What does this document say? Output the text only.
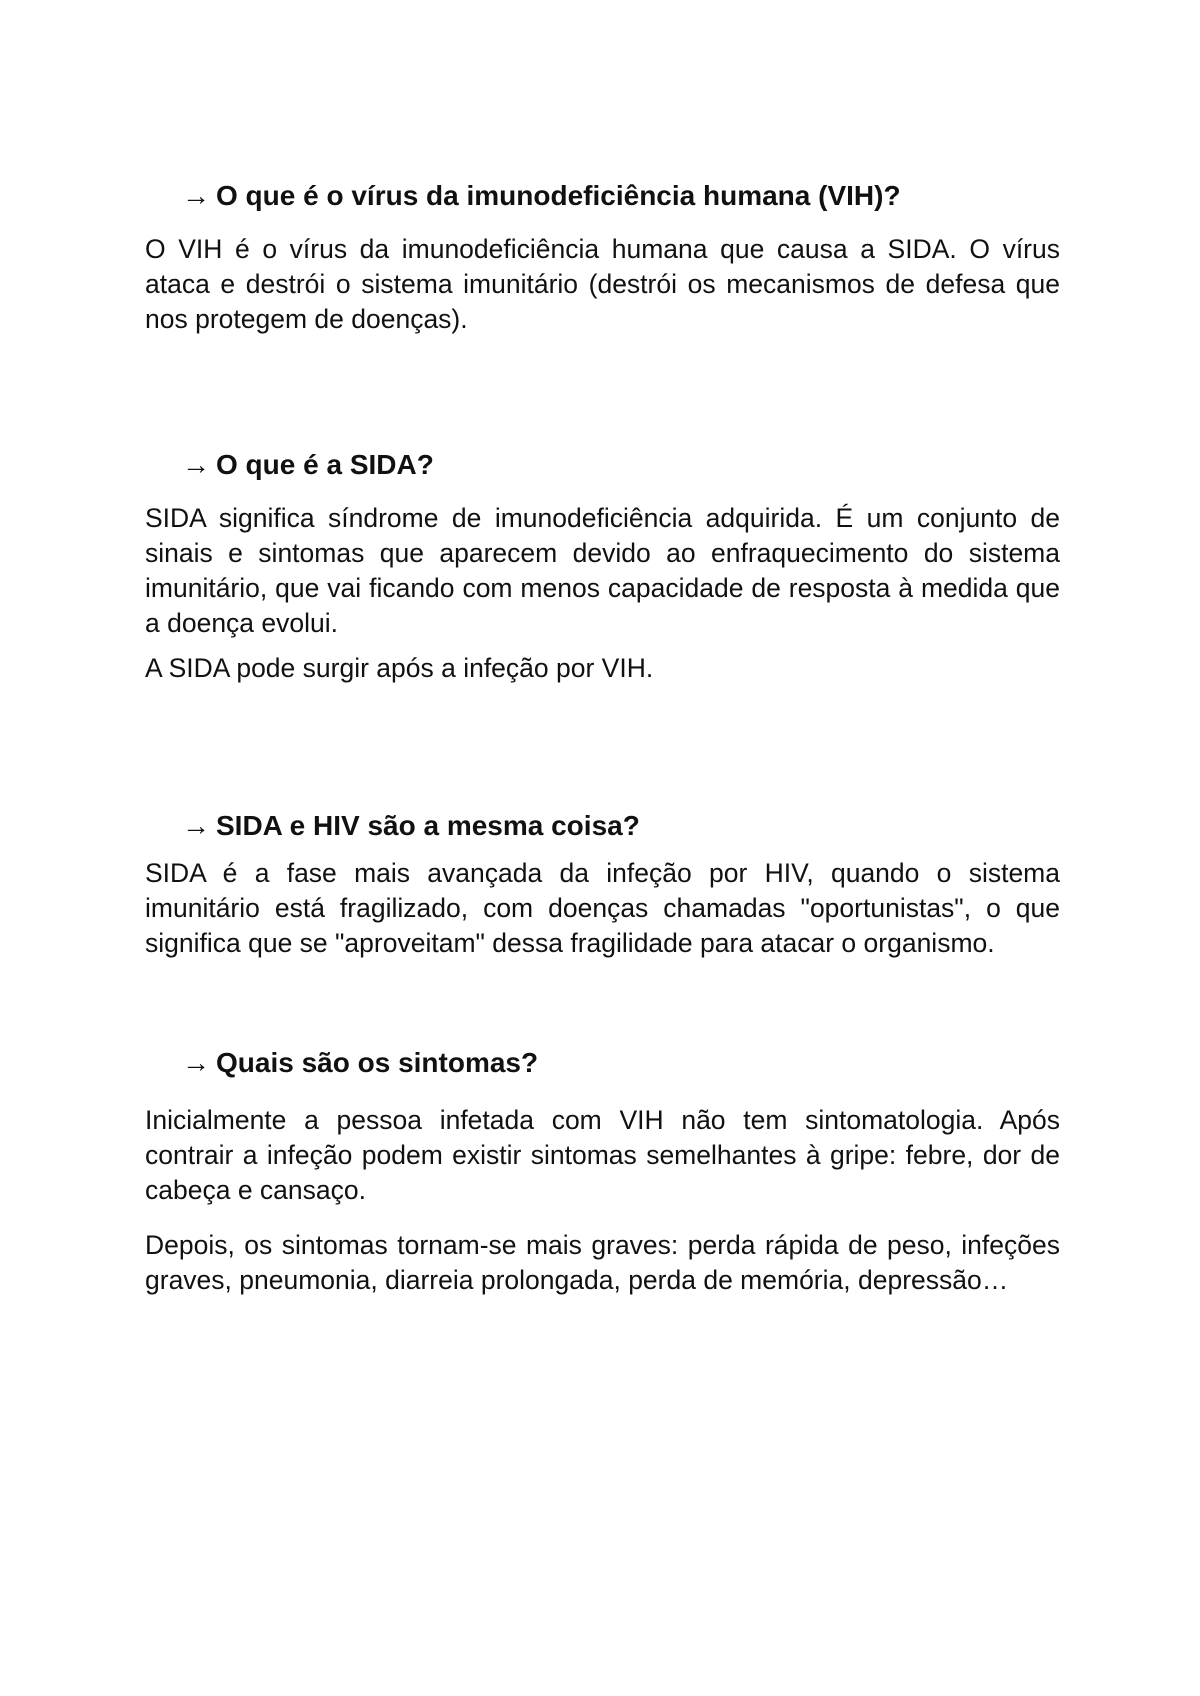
→ O que é o vírus da imunodeficiência humana (VIH)?

O VIH é o vírus da imunodeficiência humana que causa a SIDA. O vírus ataca e destrói o sistema imunitário (destrói os mecanismos de defesa que nos protegem de doenças).

→ O que é a SIDA?

SIDA significa síndrome de imunodeficiência adquirida. É um conjunto de sinais e sintomas que aparecem devido ao enfraquecimento do sistema imunitário, que vai ficando com menos capacidade de resposta à medida que a doença evolui.

A SIDA pode surgir após a infeção por VIH.

→ SIDA e HIV são a mesma coisa?

SIDA é a fase mais avançada da infeção por HIV, quando o sistema imunitário está fragilizado, com doenças chamadas "oportunistas", o que significa que se "aproveitam" dessa fragilidade para atacar o organismo.

→ Quais são os sintomas?

Inicialmente a pessoa infetada com VIH não tem sintomatologia. Após contrair a infeção podem existir sintomas semelhantes à gripe: febre, dor de cabeça e cansaço.

Depois, os sintomas tornam-se mais graves: perda rápida de peso, infeções graves, pneumonia, diarreia prolongada, perda de memória, depressão…
